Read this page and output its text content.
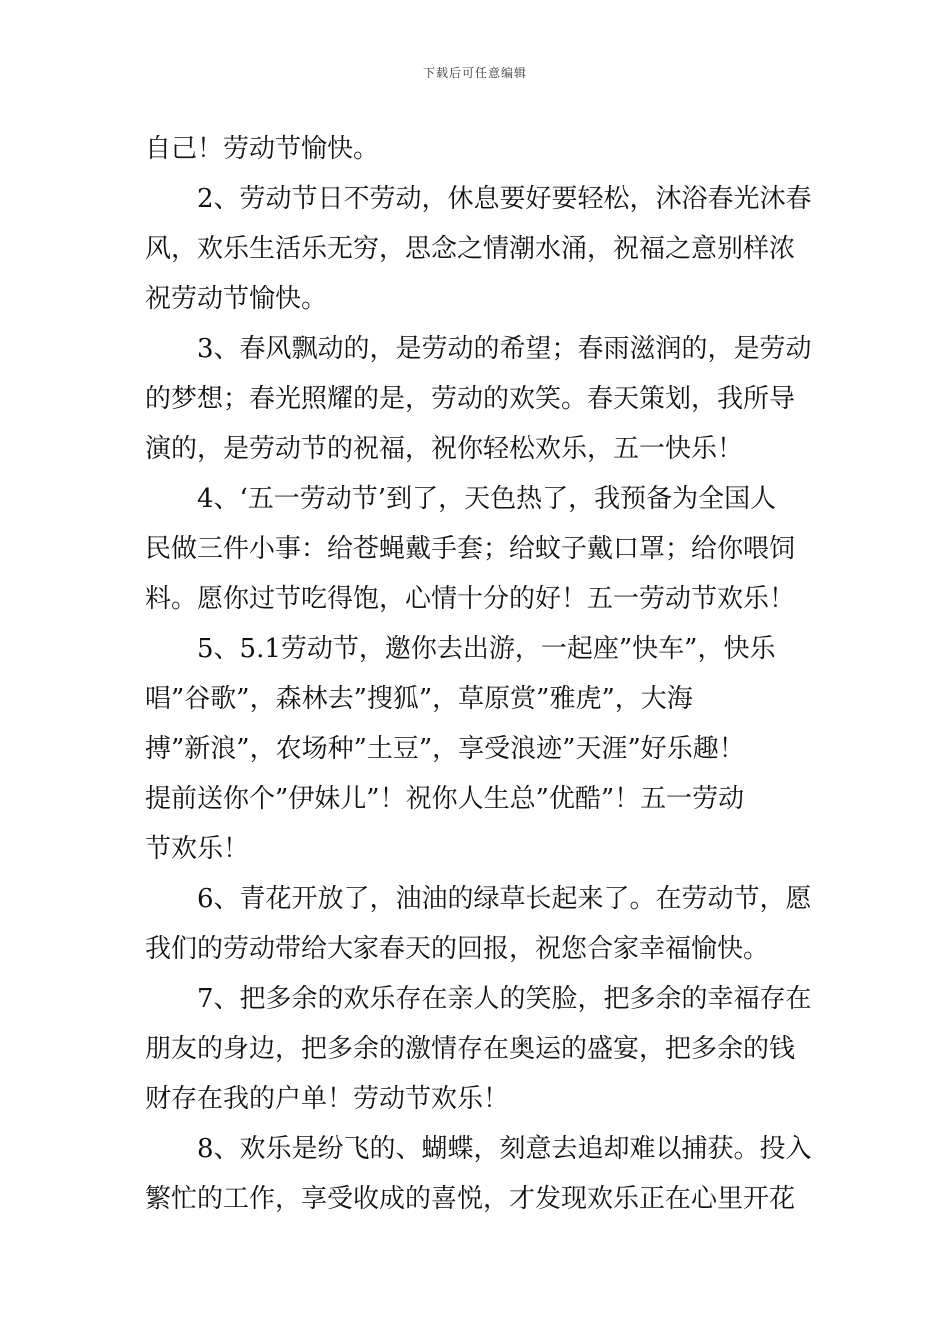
下载后可任意编辑
自己！劳动节愉快。
2、劳动节日不劳动，休息要好要轻松，沐浴春光沐春
风，欢乐生活乐无穷，思念之情潮水涌，祝福之意别样浓
祝劳动节愉快。
3、春风飘动的，是劳动的希望；春雨滋润的，是劳动
的梦想；春光照耀的是，劳动的欢笑。春天策划，我所导
演的，是劳动节的祝福，祝你轻松欢乐，五一快乐！
4、‘五一劳动节’到了，天色热了，我预备为全国人
民做三件小事：给苍蝇戴手套；给蚊子戴口罩；给你喂饲
料。愿你过节吃得饱，心情十分的好！五一劳动节欢乐！
5、5.1劳动节，邀你去出游，一起座”快车”，快乐
唱”谷歌”，森林去”搜狐”，草原赏”雅虎”，大海
搏”新浪”，农场种”土豆”，享受浪迹”天涯”好乐趣！
提前送你个”伊妹儿”！祝你人生总”优酷”！五一劳动
节欢乐！
6、青花开放了，油油的绿草长起来了。在劳动节，愿
我们的劳动带给大家春天的回报，祝您合家幸福愉快。
7、把多余的欢乐存在亲人的笑脸，把多余的幸福存在
朋友的身边，把多余的激情存在奥运的盛宴，把多余的钱
财存在我的户单！劳动节欢乐！
8、欢乐是纷飞的、蝴蝶，刻意去追却难以捕获。投入
繁忙的工作，享受收成的喜悦，才发现欢乐正在心里开花
